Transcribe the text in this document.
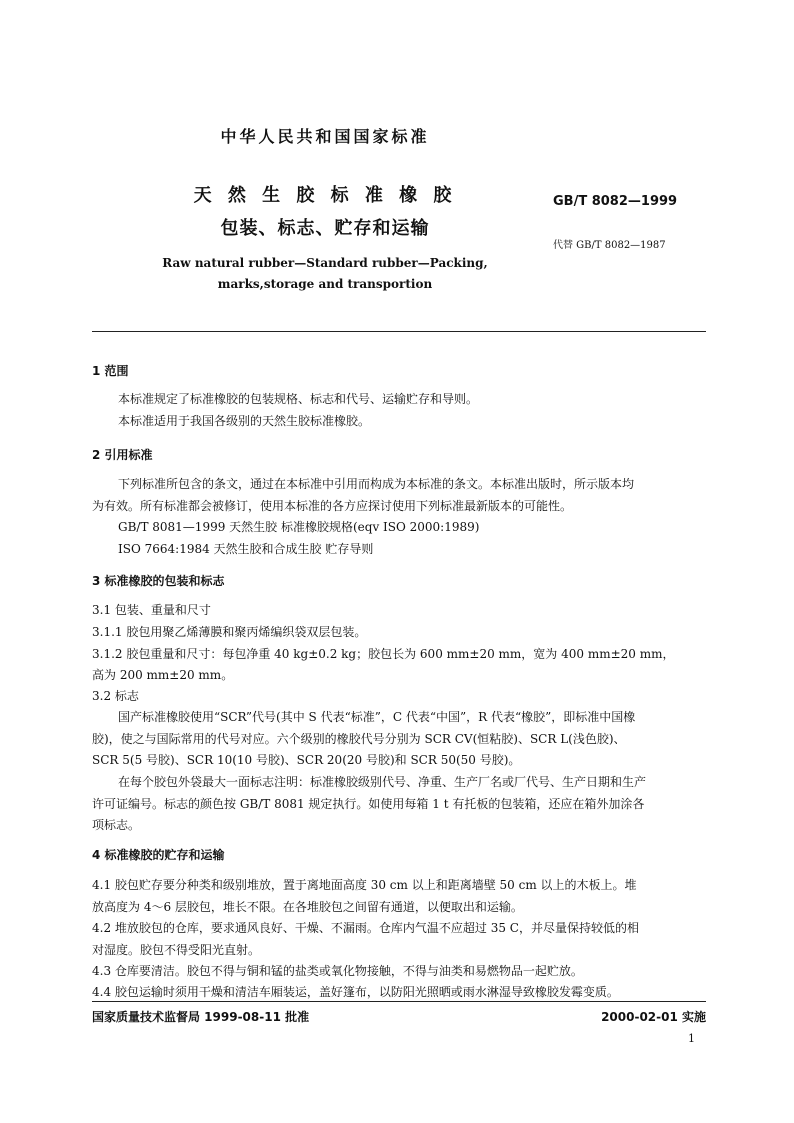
中华人民共和国国家标准
天 然 生 胶 标 准 橡 胶
包装、标志、贮存和运输
Raw natural rubber—Standard rubber—Packing,
marks,storage and transportion
GB/T 8082—1999
代替 GB/T 8082—1987
1 范围
本标准规定了标准橡胶的包装规格、标志和代号、运输贮存和导则。
本标准适用于我国各级别的天然生胶标准橡胶。
2 引用标准
下列标准所包含的条文，通过在本标准中引用而构成为本标准的条文。本标准出版时，所示版本均
为有效。所有标准都会被修订，使用本标准的各方应探讨使用下列标准最新版本的可能性。
GB/T 8081—1999 天然生胶 标准橡胶规格(eqv ISO 2000:1989)
ISO 7664:1984 天然生胶和合成生胶 贮存导则
3 标准橡胶的包装和标志
3.1 包装、重量和尺寸
3.1.1 胶包用聚乙烯薄膜和聚丙烯编织袋双层包装。
3.1.2 胶包重量和尺寸：每包净重 40 kg±0.2 kg；胶包长为 600 mm±20 mm，宽为 400 mm±20 mm，
高为 200 mm±20 mm。
3.2 标志
国产标准橡胶使用“SCR”代号(其中 S 代表“标准”，C 代表“中国”，R 代表“橡胶”，即标准中国橡
胶)，使之与国际常用的代号对应。六个级别的橡胶代号分别为 SCR CV(恒粘胶)、SCR L(浅色胶)、
SCR 5(5 号胶)、SCR 10(10 号胶)、SCR 20(20 号胶)和 SCR 50(50 号胶)。
在每个胶包外袋最大一面标志注明：标准橡胶级别代号、净重、生产厂名或厂代号、生产日期和生产
许可证编号。标志的颜色按 GB/T 8081 规定执行。如使用每箱 1 t 有托板的包装箱，还应在箱外加涂各
项标志。
4 标准橡胶的贮存和运输
4.1 胶包贮存要分种类和级别堆放，置于离地面高度 30 cm 以上和距离墙壁 50 cm 以上的木板上。堆
放高度为 4～6 层胶包，堆长不限。在各堆胶包之间留有通道，以便取出和运输。
4.2 堆放胶包的仓库，要求通风良好、干燥、不漏雨。仓库内气温不应超过 35 C，并尽量保持较低的相
对湿度。胶包不得受阳光直射。
4.3 仓库要清洁。胶包不得与铜和锰的盐类或氧化物接触，不得与油类和易燃物品一起贮放。
4.4 胶包运输时须用干燥和清洁车厢装运，盖好篷布，以防阳光照晒或雨水淋湿导致橡胶发霉变质。
国家质量技术监督局 1999-08-11 批准	2000-02-01 实施
1
